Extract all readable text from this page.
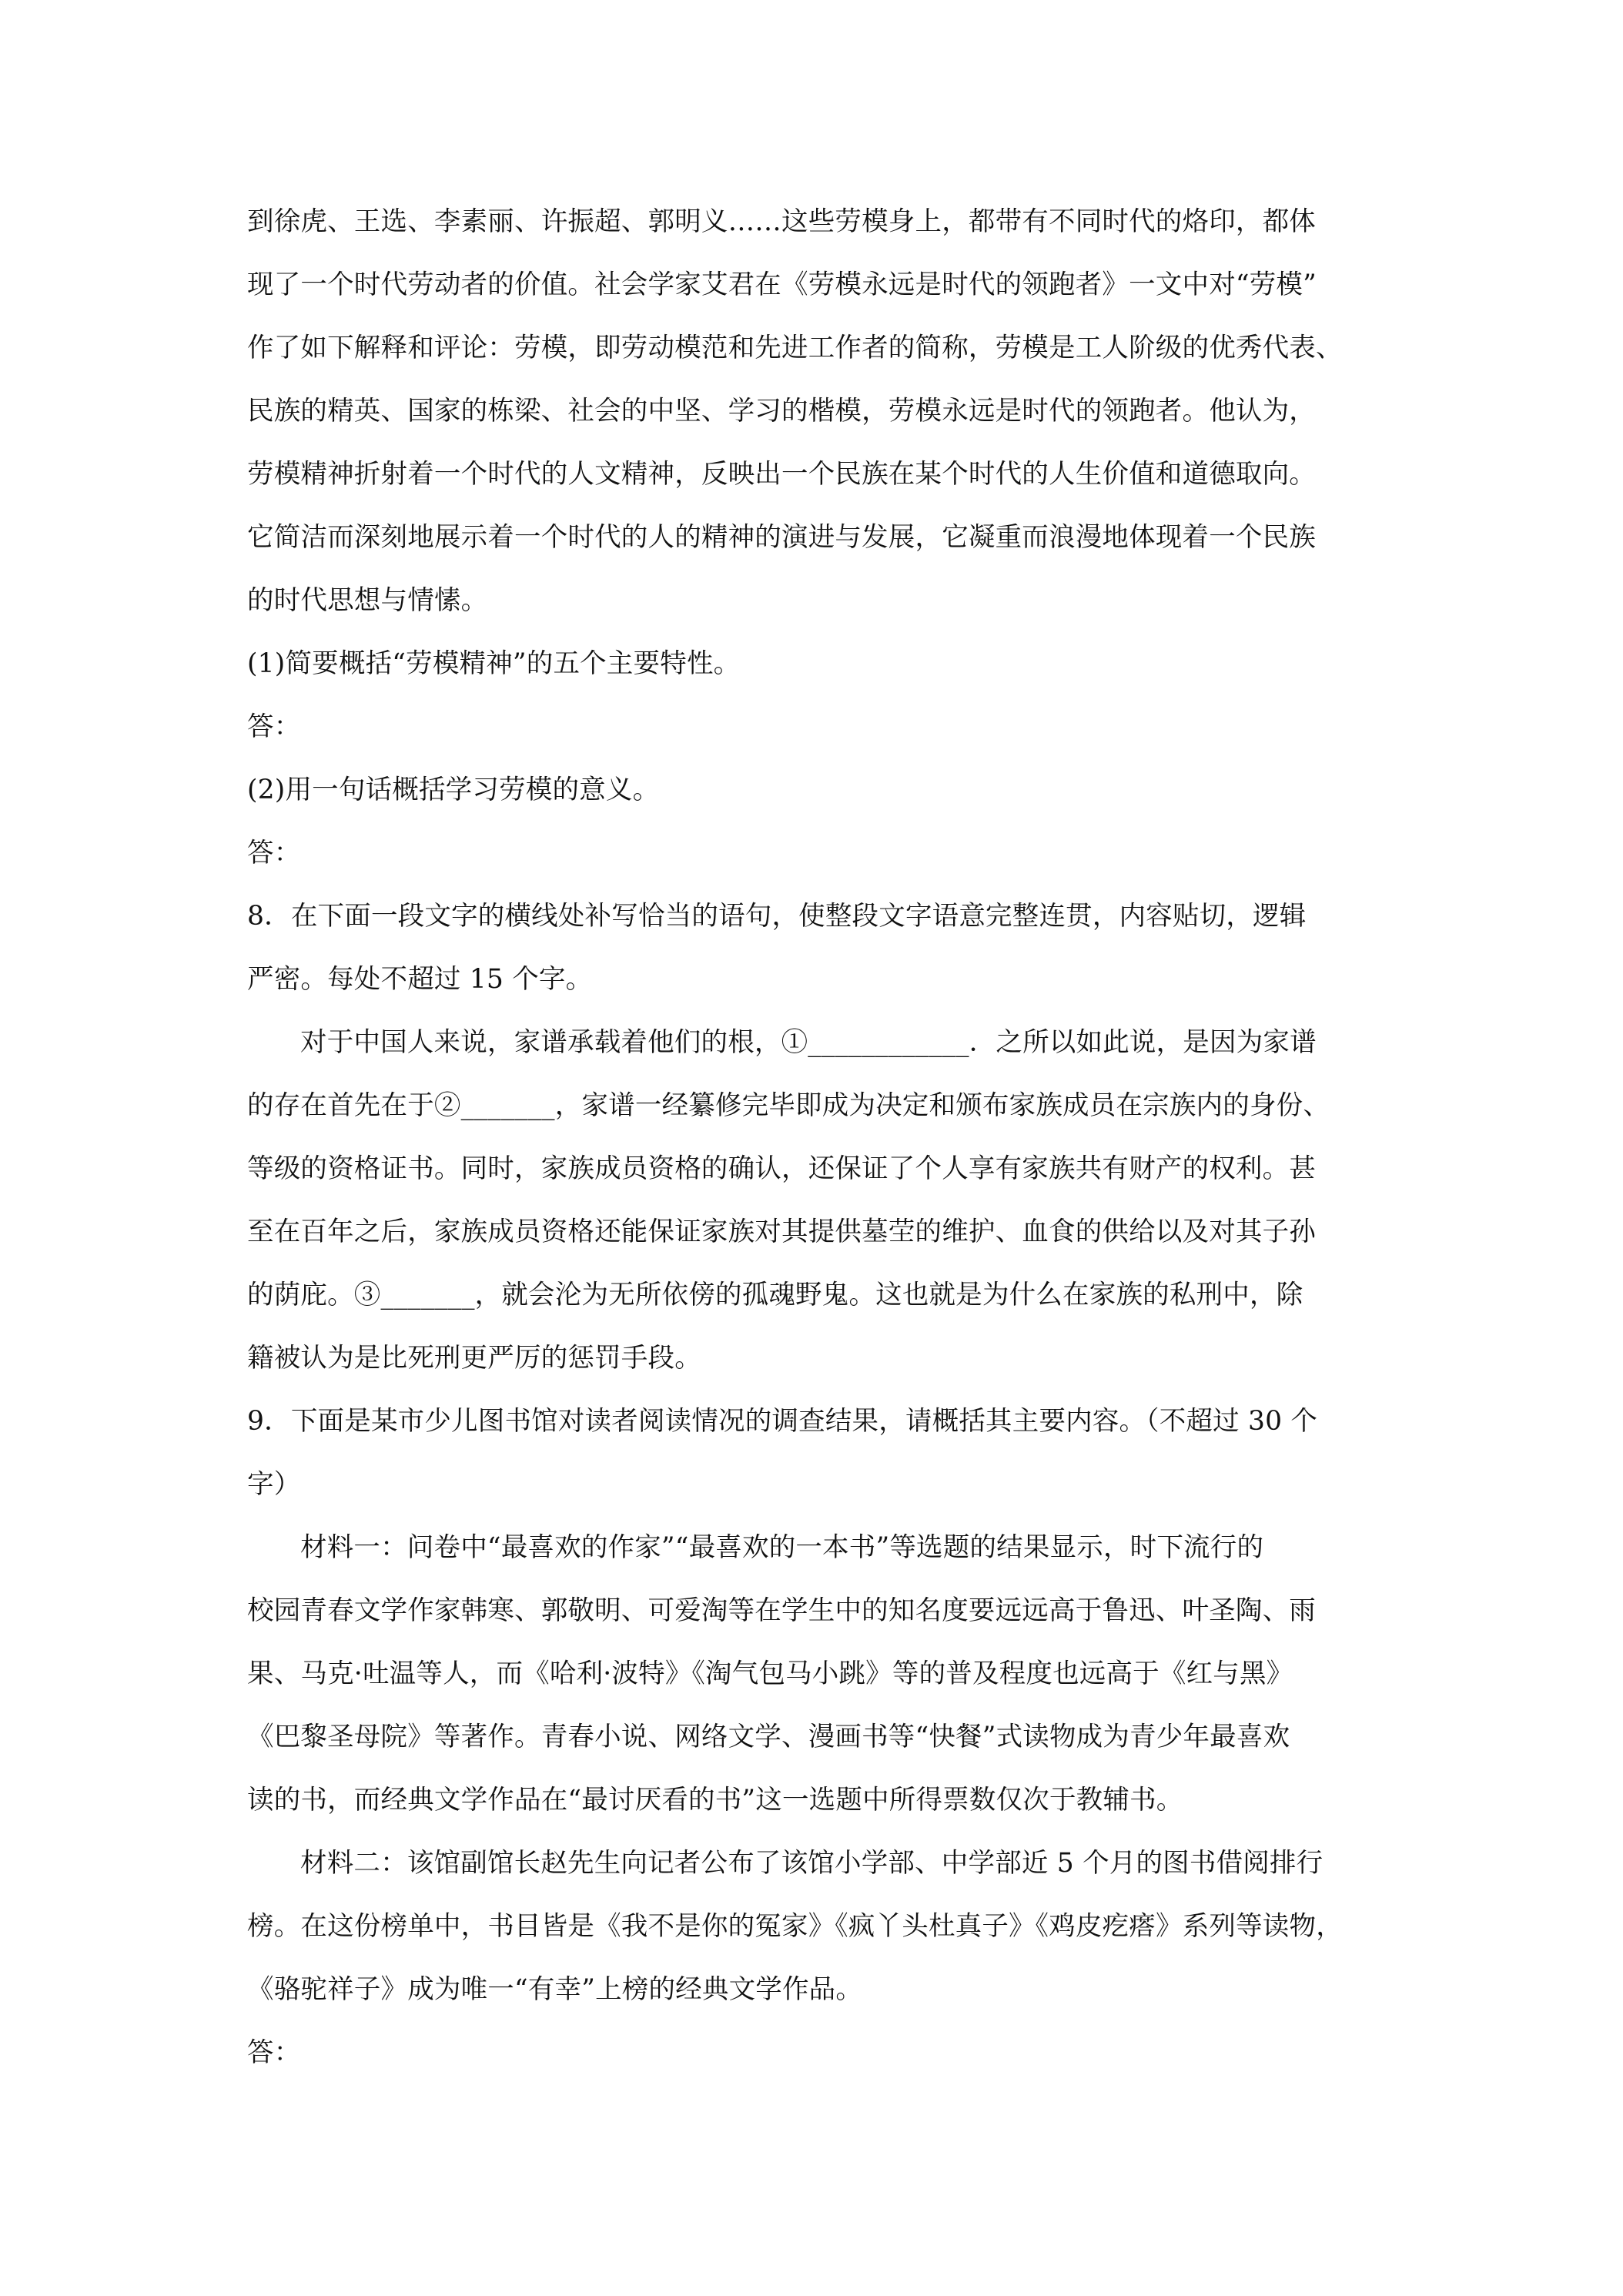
到徐虎、王选、李素丽、许振超、郭明义……这些劳模身上，都带有不同时代的烙印，都体
现了一个时代劳动者的价值。社会学家艾君在《劳模永远是时代的领跑者》一文中对“劳模”
作了如下解释和评论：劳模，即劳动模范和先进工作者的简称，劳模是工人阶级的优秀代表、
民族的精英、国家的栋梁、社会的中坚、学习的楷模，劳模永远是时代的领跑者。他认为，
劳模精神折射着一个时代的人文精神，反映出一个民族在某个时代的人生价值和道德取向。
它简洁而深刻地展示着一个时代的人的精神的演进与发展，它凝重而浪漫地体现着一个民族
的时代思想与情愫。
(1)简要概括“劳模精神”的五个主要特性。
答：
(2)用一句话概括学习劳模的意义。
答：
8．在下面一段文字的横线处补写恰当的语句，使整段文字语意完整连贯，内容贴切，逻辑
严密。每处不超过 15 个字。
对于中国人来说，家谱承载着他们的根，①____________．之所以如此说，是因为家谱
的存在首先在于②_______，家谱一经纂修完毕即成为决定和颁布家族成员在宗族内的身份、
等级的资格证书。同时，家族成员资格的确认，还保证了个人享有家族共有财产的权利。甚
至在百年之后，家族成员资格还能保证家族对其提供墓茔的维护、血食的供给以及对其子孙
的荫庇。③_______，就会沦为无所依傍的孤魂野鬼。这也就是为什么在家族的私刑中，除
籍被认为是比死刑更严厉的惩罚手段。
9．下面是某市少儿图书馆对读者阅读情况的调查结果，请概括其主要内容。（不超过 30 个
字）
材料一：问卷中“最喜欢的作家”“最喜欢的一本书”等选题的结果显示，时下流行的
校园青春文学作家韩寒、郭敬明、可爱淘等在学生中的知名度要远远高于鲁迅、叶圣陶、雨
果、马克·吐温等人，而《哈利·波特》《淘气包马小跳》等的普及程度也远高于《红与黑》
《巴黎圣母院》等著作。青春小说、网络文学、漫画书等“快餐”式读物成为青少年最喜欢
读的书，而经典文学作品在“最讨厌看的书”这一选题中所得票数仅次于教辅书。
材料二：该馆副馆长赵先生向记者公布了该馆小学部、中学部近 5 个月的图书借阅排行
榜。在这份榜单中，书目皆是《我不是你的冤家》《疯丫头杜真子》《鸡皮疙瘩》系列等读物，
《骆驼祥子》成为唯一“有幸”上榜的经典文学作品。
答：
